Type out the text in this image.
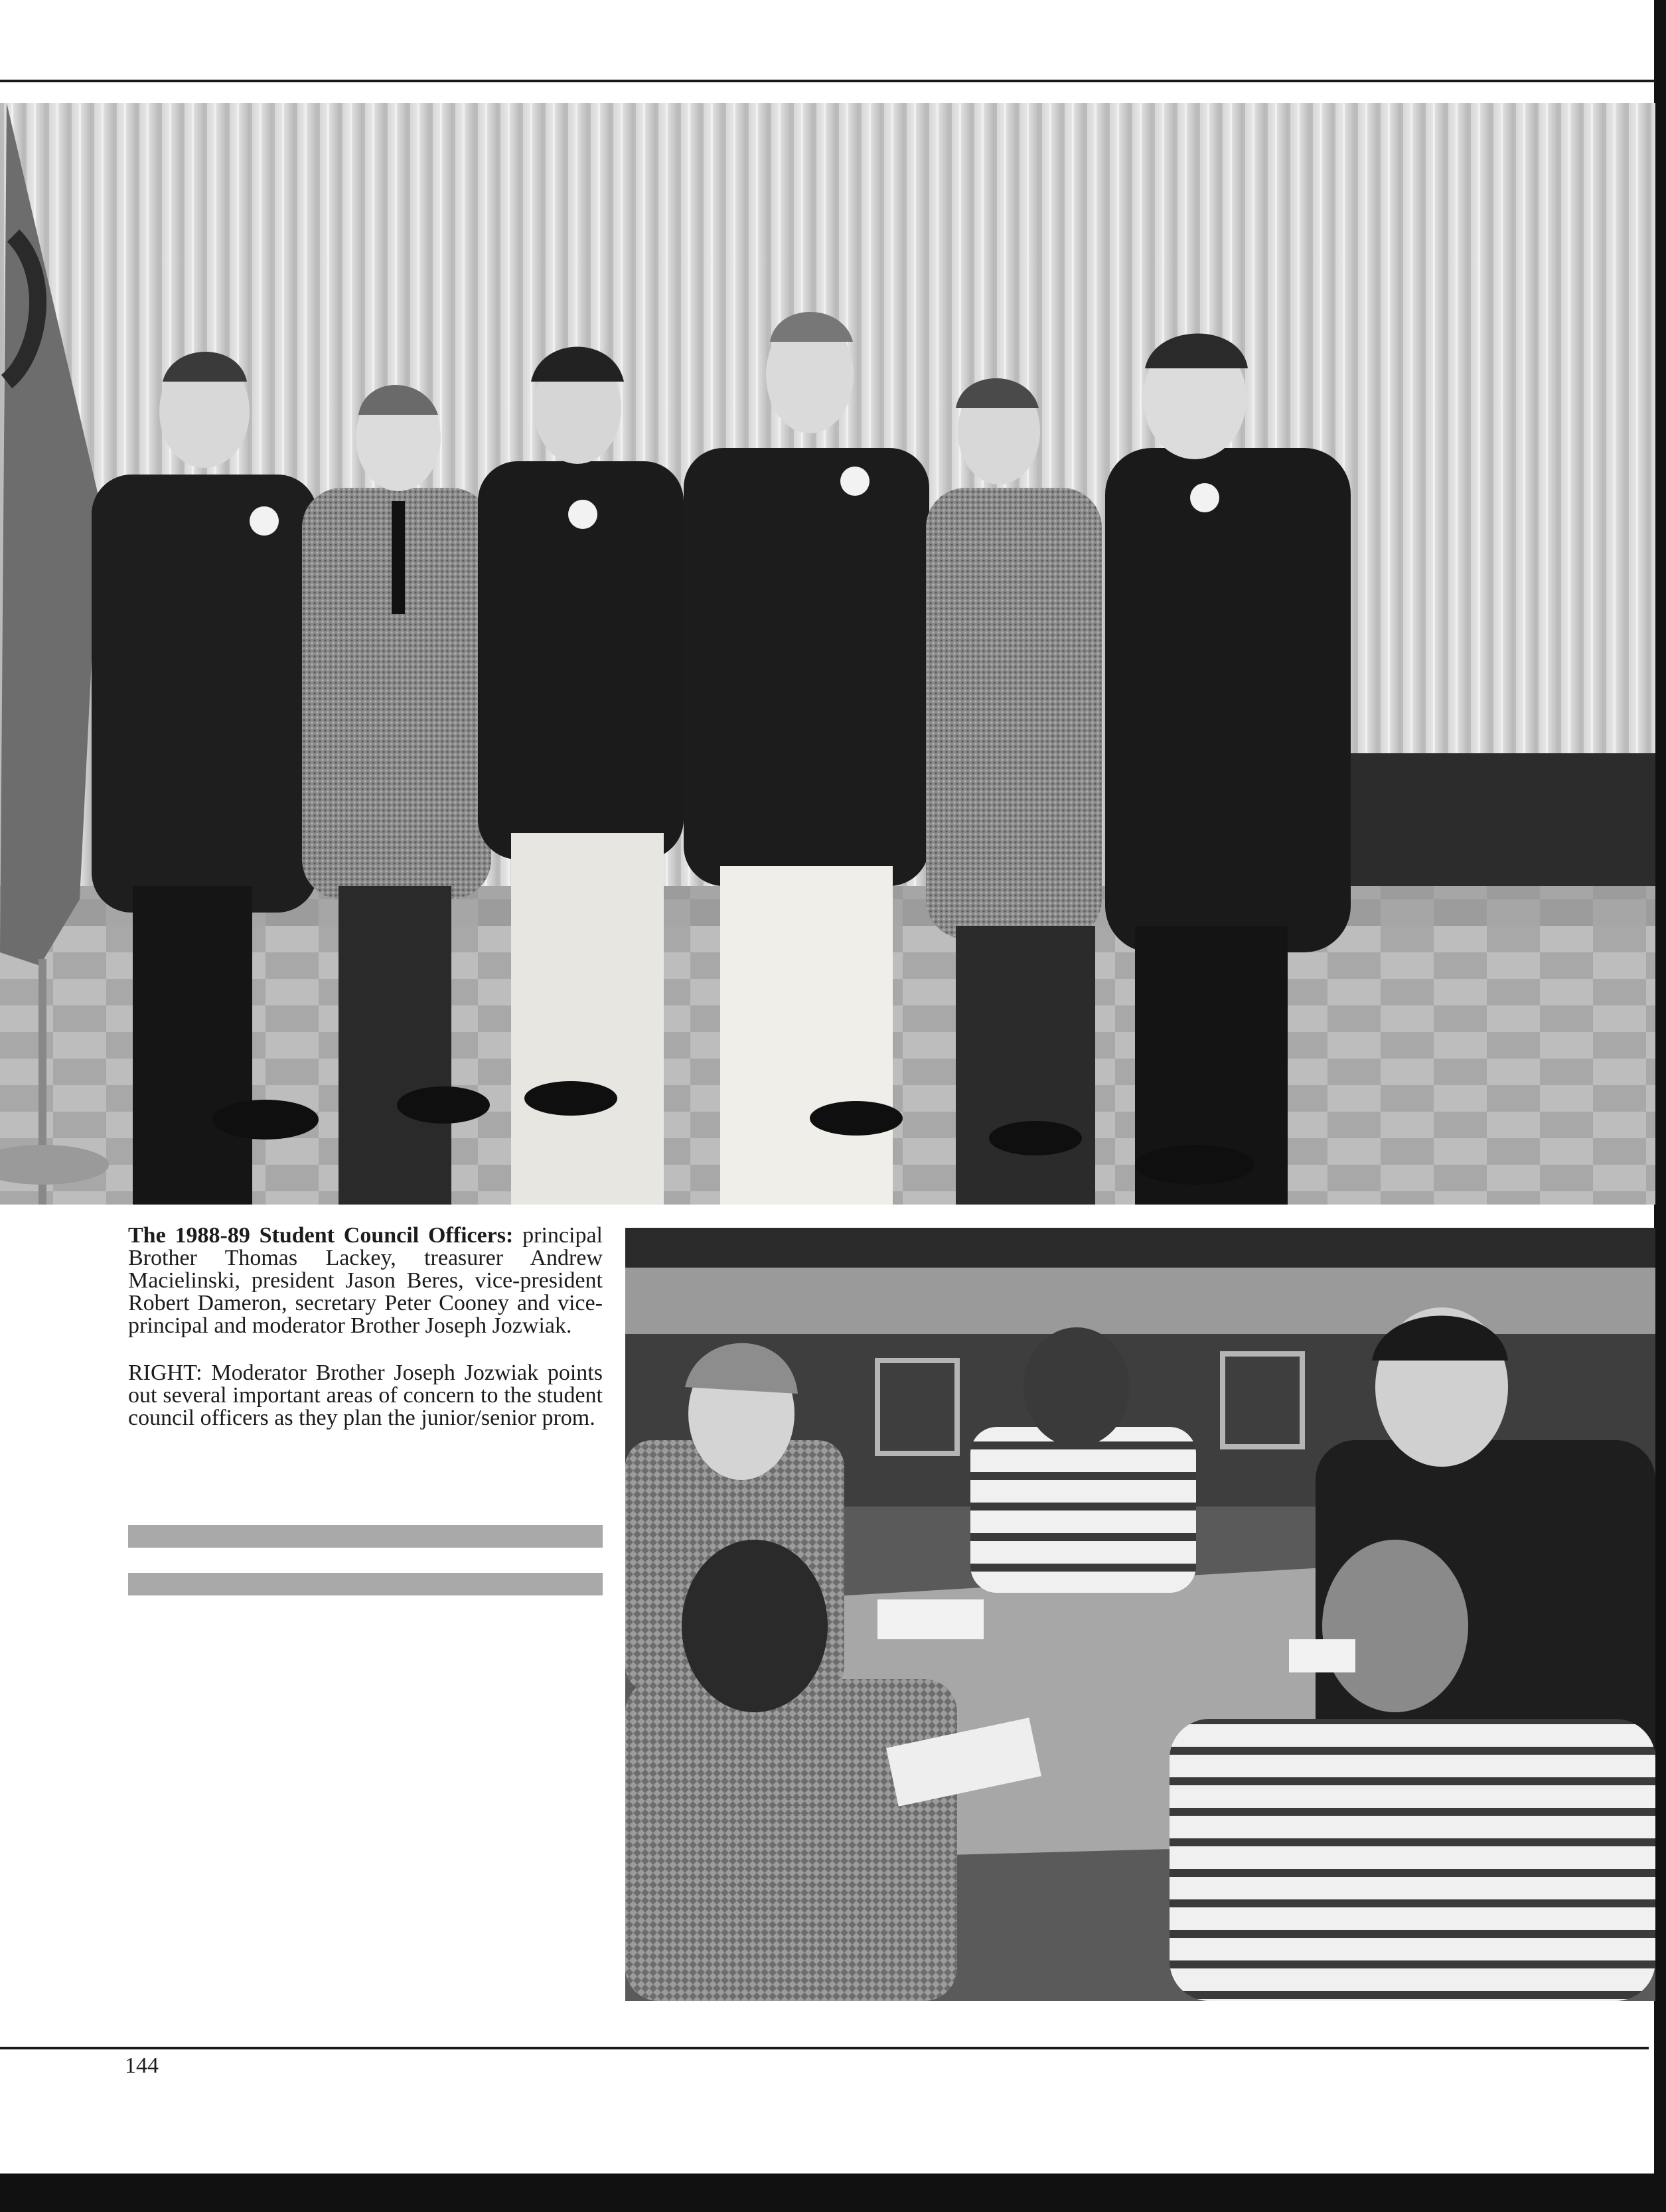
The 1988-89 Student Council Officers: principal Brother Thomas Lackey, treasurer Andrew Macielinski, president Jason Beres, vice-president Robert Dameron, secretary Peter Cooney and vice-principal and moderator Brother Joseph Jozwiak.

RIGHT: Moderator Brother Joseph Jozwiak points out several important areas of concern to the student council officers as they plan the junior/senior prom.

144
